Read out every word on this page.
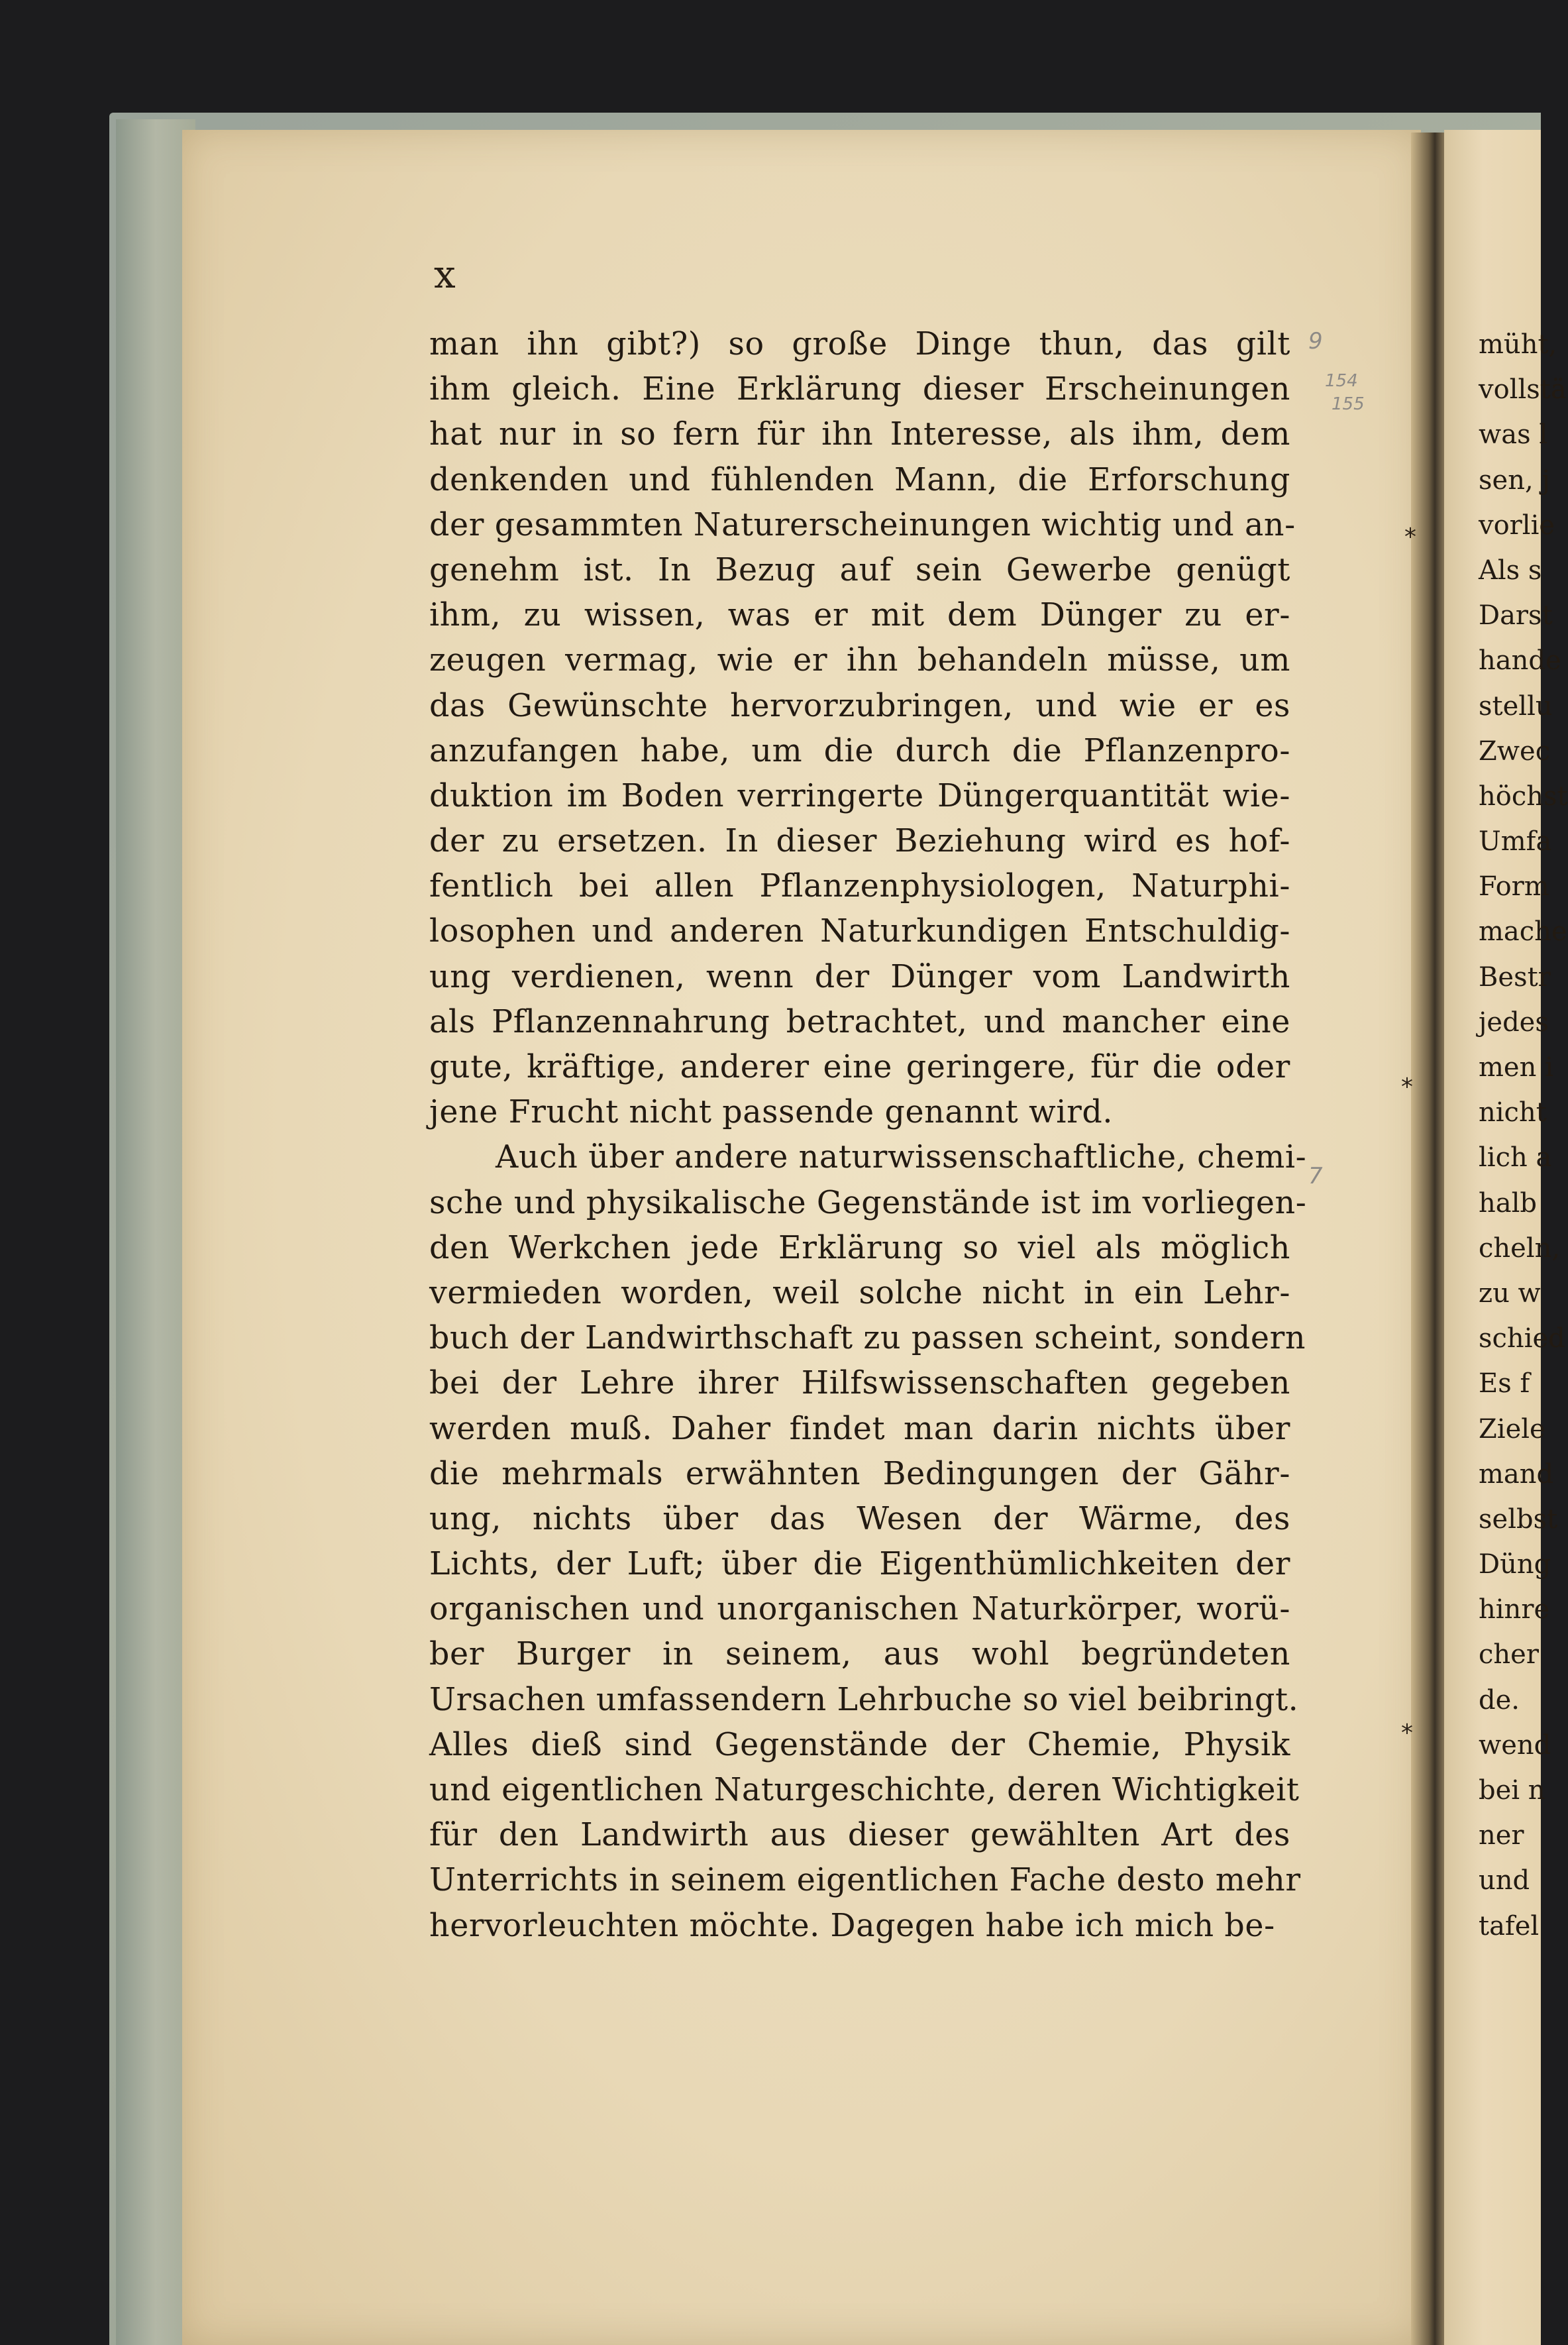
x
man ihn gibt?) so große Dinge thun, das gilt
ihm gleich. Eine Erklärung dieser Erscheinungen
hat nur in so fern für ihn Interesse, als ihm, dem
denkenden und fühlenden Mann, die Erforschung
der gesammten Naturerscheinungen wichtig und an-
genehm ist. In Bezug auf sein Gewerbe genügt
ihm, zu wissen, was er mit dem Dünger zu er-
zeugen vermag, wie er ihn behandeln müsse, um
das Gewünschte hervorzubringen, und wie er es
anzufangen habe, um die durch die Pflanzenpro-
duktion im Boden verringerte Düngerquantität wie-
der zu ersetzen. In dieser Beziehung wird es hof-
fentlich bei allen Pflanzenphysiologen, Naturphi-
losophen und anderen Naturkundigen Entschuldig-
ung verdienen, wenn der Dünger vom Landwirth
als Pflanzennahrung betrachtet, und mancher eine
gute, kräftige, anderer eine geringere, für die oder
jene Frucht nicht passende genannt wird.
Auch über andere naturwissenschaftliche, chemi-
sche und physikalische Gegenstände ist im vorliegen-
den Werkchen jede Erklärung so viel als möglich
vermieden worden, weil solche nicht in ein Lehr-
buch der Landwirthschaft zu passen scheint, sondern
bei der Lehre ihrer Hilfswissenschaften gegeben
werden muß. Daher findet man darin nichts über
die mehrmals erwähnten Bedingungen der Gähr-
ung, nichts über das Wesen der Wärme, des
Lichts, der Luft; über die Eigenthümlichkeiten der
organischen und unorganischen Naturkörper, worü-
ber Burger in seinem, aus wohl begründeten
Ursachen umfassendern Lehrbuche so viel beibringt.
Alles dieß sind Gegenstände der Chemie, Physik
und eigentlichen Naturgeschichte, deren Wichtigkeit
für den Landwirth aus dieser gewählten Art des
Unterrichts in seinem eigentlichen Fache desto mehr
hervorleuchten möchte. Dagegen habe ich mich be-
9
154
155
7
*
*
*
müht,
vollstä
was l
sen, j
vorlie
Als s
Darst
hande
stellu
Zwec
höchst
Umfa
Form
mache
Bestr
jedes
men i
nicht
lich a
halb
cheln,
zu w
schied
Es f
Ziele
mand
selbst
Düng
hinre
cher
de.
wend
bei n
ner
und
tafel
